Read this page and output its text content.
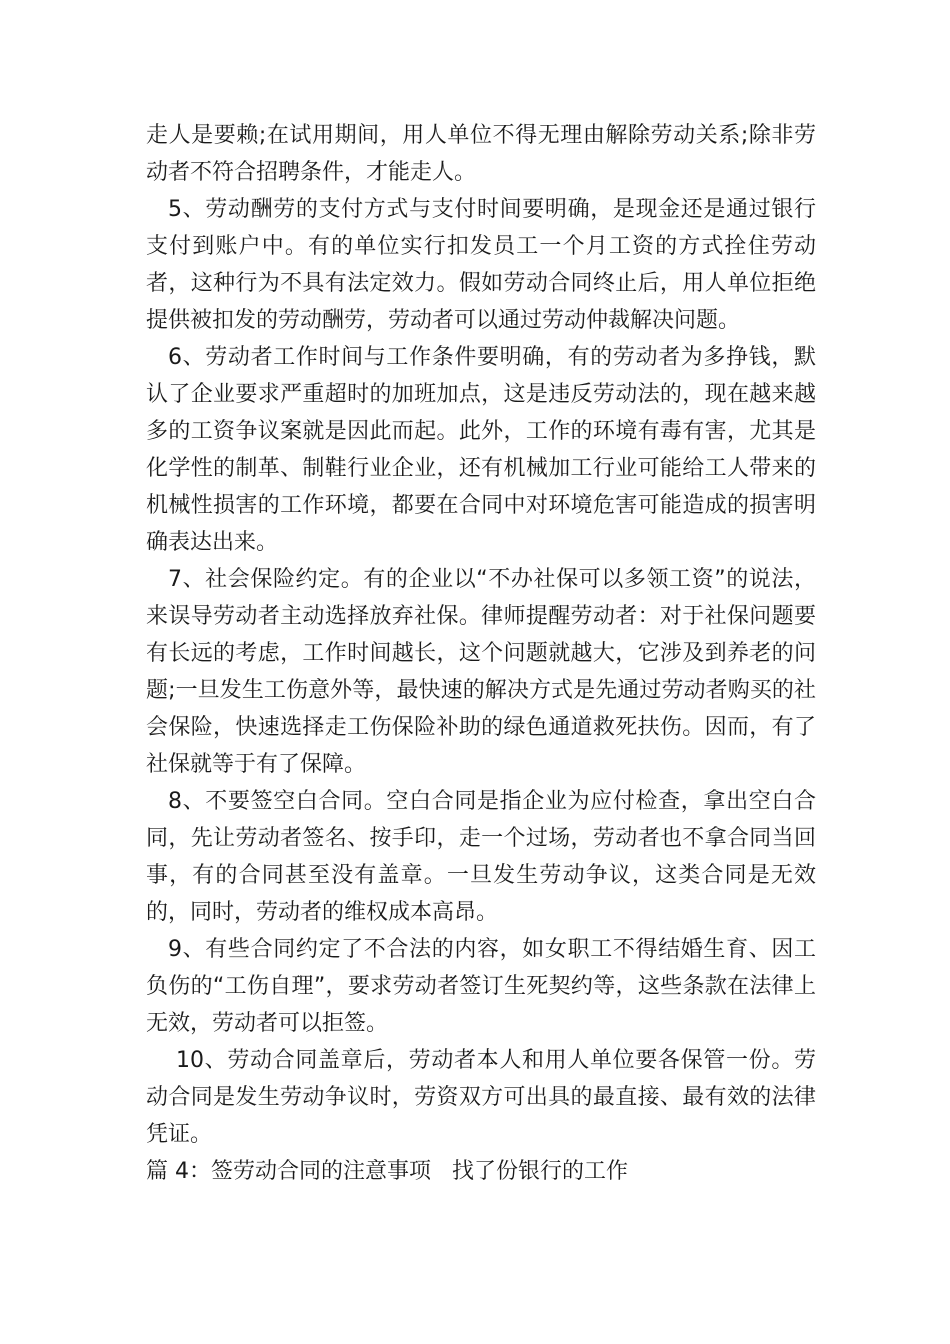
走人是要赖;在试用期间，用人单位不得无理由解除劳动关系;除非劳动者不符合招聘条件，才能走人。

5、劳动酬劳的支付方式与支付时间要明确，是现金还是通过银行支付到账户中。有的单位实行扣发员工一个月工资的方式拴住劳动者，这种行为不具有法定效力。假如劳动合同终止后，用人单位拒绝提供被扣发的劳动酬劳，劳动者可以通过劳动仲裁解决问题。

6、劳动者工作时间与工作条件要明确，有的劳动者为多挣钱，默认了企业要求严重超时的加班加点，这是违反劳动法的，现在越来越多的工资争议案就是因此而起。此外，工作的环境有毒有害，尤其是化学性的制革、制鞋行业企业，还有机械加工行业可能给工人带来的机械性损害的工作环境，都要在合同中对环境危害可能造成的损害明确表达出来。

7、社会保险约定。有的企业以“不办社保可以多领工资”的说法，来误导劳动者主动选择放弃社保。律师提醒劳动者：对于社保问题要有长远的考虑，工作时间越长，这个问题就越大，它涉及到养老的问题;一旦发生工伤意外等，最快速的解决方式是先通过劳动者购买的社会保险，快速选择走工伤保险补助的绿色通道救死扶伤。因而，有了社保就等于有了保障。

8、不要签空白合同。空白合同是指企业为应付检查，拿出空白合同，先让劳动者签名、按手印，走一个过场，劳动者也不拿合同当回事，有的合同甚至没有盖章。一旦发生劳动争议，这类合同是无效的，同时，劳动者的维权成本高昂。

9、有些合同约定了不合法的内容，如女职工不得结婚生育、因工负伤的“工伤自理”，要求劳动者签订生死契约等，这些条款在法律上无效，劳动者可以拒签。

10、劳动合同盖章后，劳动者本人和用人单位要各保管一份。劳动合同是发生劳动争议时，劳资双方可出具的最直接、最有效的法律凭证。

篇 4：签劳动合同的注意事项   找了份银行的工作
